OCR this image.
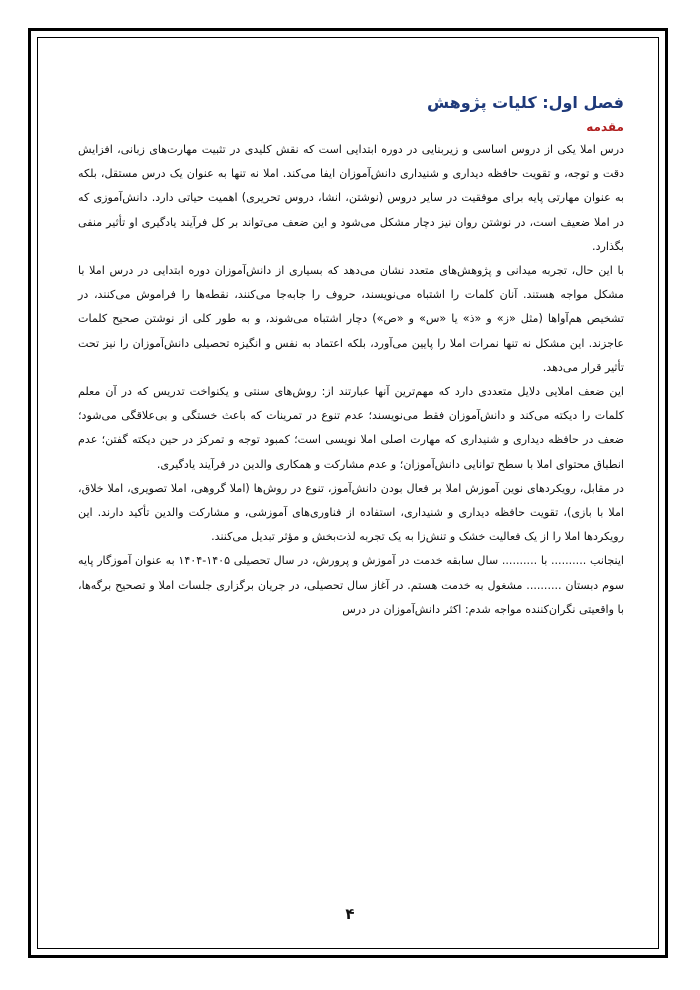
فصل اول: کلیات پژوهش
مقدمه

درس املا یکی از دروس اساسی و زیربنایی در دوره ابتدایی است که نقش کلیدی در تثبیت مهارت‌های زبانی، افزایش دقت و توجه، و تقویت حافظه دیداری و شنیداری دانش‌آموزان ایفا می‌کند. املا نه تنها به عنوان یک درس مستقل، بلکه به عنوان مهارتی پایه برای موفقیت در سایر دروس (نوشتن، انشا، دروس تحریری) اهمیت حیاتی دارد. دانش‌آموزی که در املا ضعیف است، در نوشتن روان نیز دچار مشکل می‌شود و این ضعف می‌تواند بر کل فرآیند یادگیری او تأثیر منفی بگذارد.

با این حال، تجربه میدانی و پژوهش‌های متعدد نشان می‌دهد که بسیاری از دانش‌آموزان دوره ابتدایی در درس املا با مشکل مواجه هستند. آنان کلمات را اشتباه می‌نویسند، حروف را جابه‌جا می‌کنند، نقطه‌ها را فراموش می‌کنند، در تشخیص هم‌آواها (مثل «ز» و «ذ» یا «س» و «ص») دچار اشتباه می‌شوند، و به طور کلی از نوشتن صحیح کلمات عاجزند. این مشکل نه تنها نمرات املا را پایین می‌آورد، بلکه اعتماد به نفس و انگیزه تحصیلی دانش‌آموزان را نیز تحت تأثیر قرار می‌دهد.

این ضعف املایی دلایل متعددی دارد که مهم‌ترین آنها عبارتند از: روش‌های سنتی و یکنواخت تدریس که در آن معلم کلمات را دیکته می‌کند و دانش‌آموزان فقط می‌نویسند؛ عدم تنوع در تمرینات که باعث خستگی و بی‌علاقگی می‌شود؛ ضعف در حافظه دیداری و شنیداری که مهارت اصلی املا نویسی است؛ کمبود توجه و تمرکز در حین دیکته گفتن؛ عدم انطباق محتوای املا با سطح توانایی دانش‌آموزان؛ و عدم مشارکت و همکاری والدین در فرآیند یادگیری.

در مقابل، رویکردهای نوین آموزش املا بر فعال بودن دانش‌آموز، تنوع در روش‌ها (املا گروهی، املا تصویری، املا خلاق، املا با بازی)، تقویت حافظه دیداری و شنیداری، استفاده از فناوری‌های آموزشی، و مشارکت والدین تأکید دارند. این رویکردها املا را از یک فعالیت خشک و تنش‌زا به یک تجربه لذت‌بخش و مؤثر تبدیل می‌کنند.

اینجانب .......... با .......... سال سابقه خدمت در آموزش و پرورش، در سال تحصیلی ۱۴۰۵-۱۴۰۴ به عنوان آموزگار پایه سوم دبستان .......... مشغول به خدمت هستم. در آغاز سال تحصیلی، در جریان برگزاری جلسات املا و تصحیح برگه‌ها، با واقعیتی نگران‌کننده مواجه شدم: اکثر دانش‌آموزان در درس

۴
